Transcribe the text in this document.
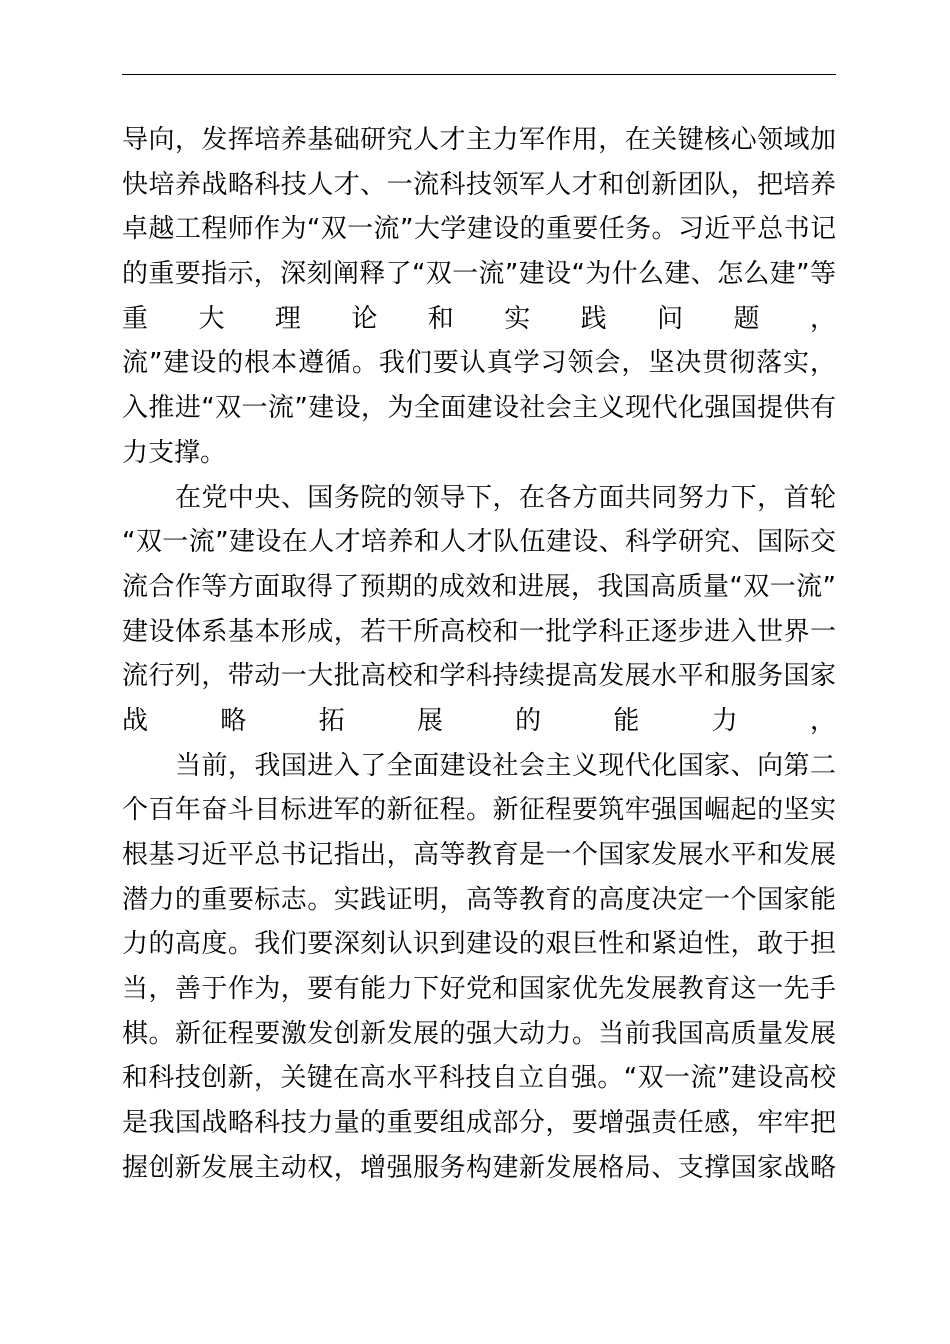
导向，发挥培养基础研究人才主力军作用，在关键核心领域加
快培养战略科技人才、一流科技领军人才和创新团队，把培养
卓越工程师作为“双一流”大学建设的重要任务。习近平总书记
的重要指示，深刻阐释了“双一流”建设“为什么建、怎么建”等
重大理论和实践问题，
流”建设的根本遵循。我们要认真学习领会，坚决贯彻落实，
入推进“双一流”建设，为全面建设社会主义现代化强国提供有
力支撑。
在党中央、国务院的领导下，在各方面共同努力下，首轮
“双一流”建设在人才培养和人才队伍建设、科学研究、国际交
流合作等方面取得了预期的成效和进展，我国高质量“双一流”
建设体系基本形成，若干所高校和一批学科正逐步进入世界一
流行列，带动一大批高校和学科持续提高发展水平和服务国家
战略拓展的能力，
当前，我国进入了全面建设社会主义现代化国家、向第二
个百年奋斗目标进军的新征程。新征程要筑牢强国崛起的坚实
根基习近平总书记指出，高等教育是一个国家发展水平和发展
潜力的重要标志。实践证明，高等教育的高度决定一个国家能
力的高度。我们要深刻认识到建设的艰巨性和紧迫性，敢于担
当，善于作为，要有能力下好党和国家优先发展教育这一先手
棋。新征程要激发创新发展的强大动力。当前我国高质量发展
和科技创新，关键在高水平科技自立自强。“双一流”建设高校
是我国战略科技力量的重要组成部分，要增强责任感，牢牢把
握创新发展主动权，增强服务构建新发展格局、支撑国家战略
